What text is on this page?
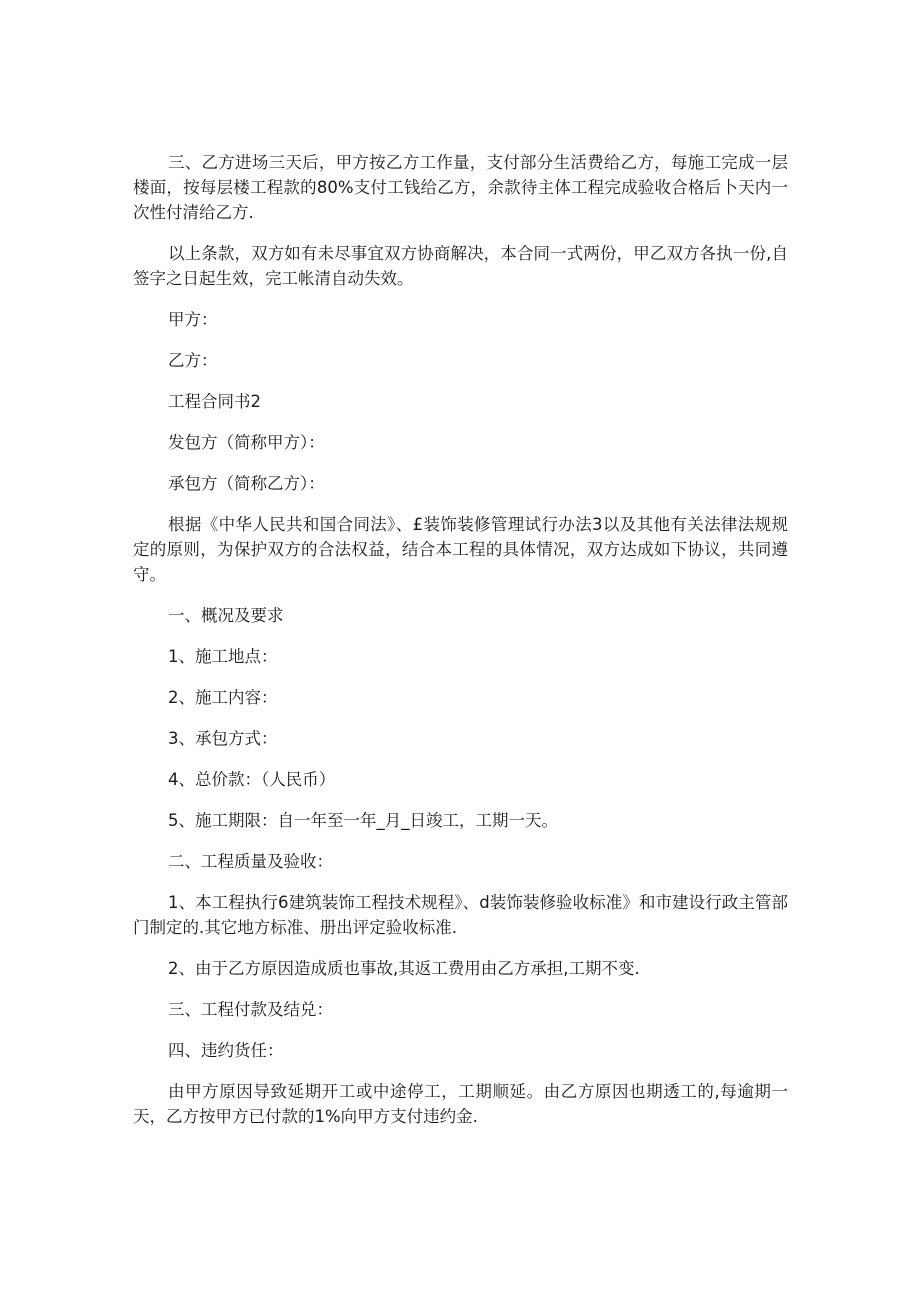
三、乙方进场三天后，甲方按乙方工作量，支付部分生活费给乙方，每施工完成一层楼面，按每层楼工程款的80%支付工钱给乙方，余款待主体工程完成验收合格后卜天内一次性付清给乙方.

以上条款，双方如有未尽事宜双方协商解决，本合同一式两份，甲乙双方各执一份,自签字之日起生效，完工帐清自动失效。

甲方：

乙方：

工程合同书2

发包方（简称甲方）：

承包方（简称乙方）：

根据《中华人民共和国合同法》、£装饰装修管理试行办法3以及其他有关法律法规规定的原则，为保护双方的合法权益，结合本工程的具体情况，双方达成如下协议，共同遵守。

一、概况及要求

1、施工地点：

2、施工内容：

3、承包方式：

4、总价款：（人民币）

5、施工期限：自一年至一年_月_日竣工，工期一天。

二、工程质量及验收：

1、本工程执行6建筑装饰工程技术规程》、d装饰装修验收标准》和市建设行政主管部门制定的.其它地方标准、册出评定验收标准.

2、由于乙方原因造成质也事故,其返工费用由乙方承担,工期不变.

三、工程付款及结兑：

四、违约货任：

由甲方原因导致延期开工或中途停工，工期顺延。由乙方原因也期透工的,每逾期一天，乙方按甲方已付款的1%向甲方支付违约金.
